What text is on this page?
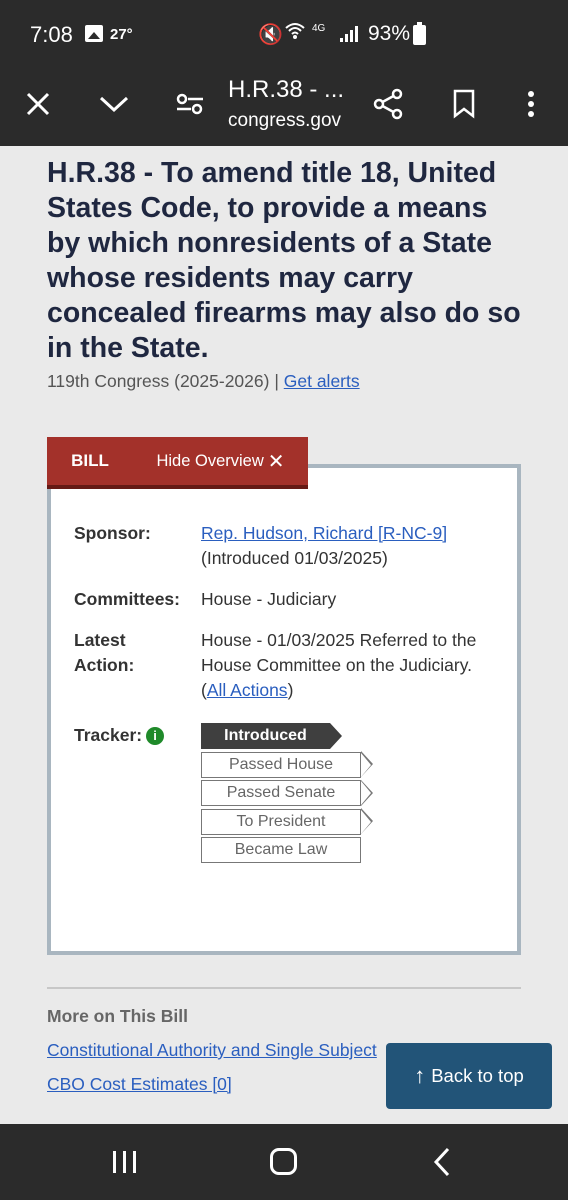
7:08 27°	🔇	4G 93%
H.R.38 - ...
congress.gov
H.R.38 - To amend title 18, United States Code, to provide a means by which nonresidents of a State whose residents may carry concealed firearms may also do so in the State.
119th Congress (2025-2026) | Get alerts
Sponsor:	Rep. Hudson, Richard [R-NC-9]
(Introduced 01/03/2025)
Committees:	House - Judiciary
Latest Action:
House - 01/03/2025 Referred to the House Committee on the Judiciary.  (All Actions)
Tracker: i	Introduced
Passed House
Passed Senate
To President
Became Law
BILL	Hide Overview ✕
More on This Bill
Constitutional Authority and Single Subject
CBO Cost Estimates [0]	↑ Back to top
